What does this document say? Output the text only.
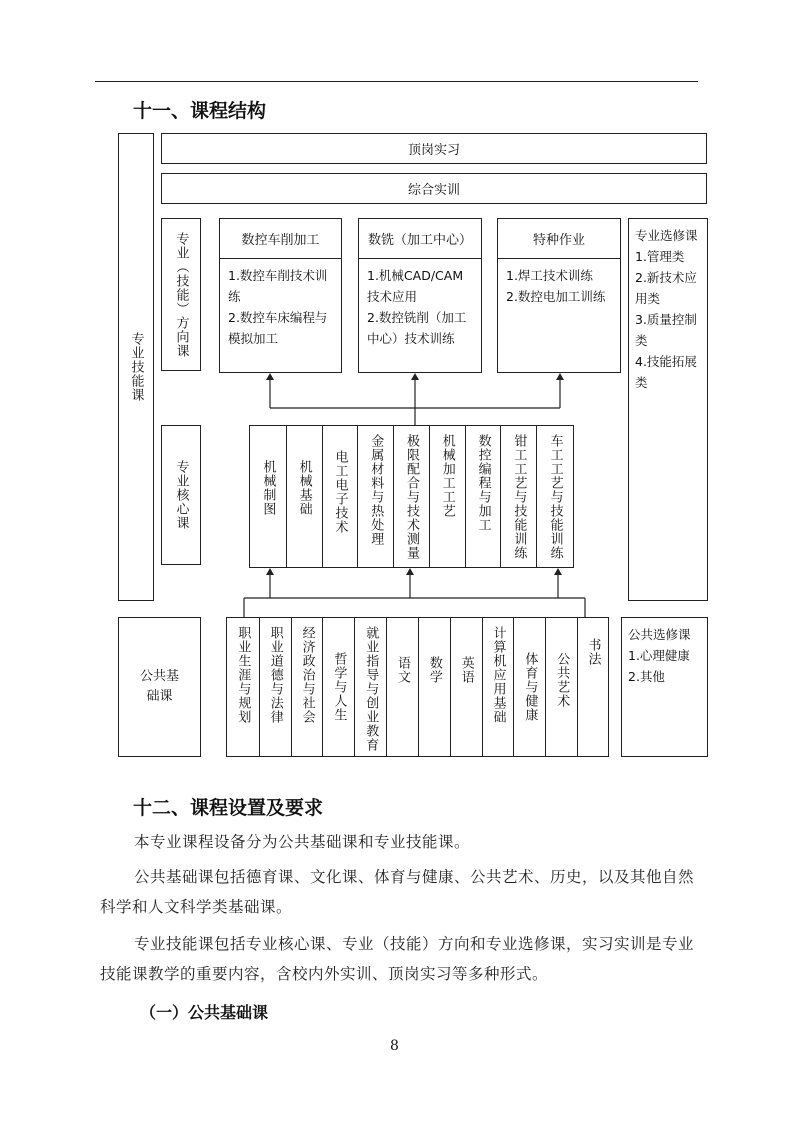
十一、课程结构
专业技能课
顶岗实习
综合实训
专业（技能）方向课	数控车削加工
1.数控车削技术训练
2.数控车床编程与模拟加工
数铣（加工中心）
1.机械CAD/CAM技术应用
2.数控铣削（加工中心）技术训练
特种作业
1.焊工技术训练
2.数控电加工训练
专业选修课
1.管理类
2.新技术应用类
3.质量控制类
4.技能拓展类
专业核心课	机械制图 机械基础 电工电子技术 金属材料与热处理 极限配合与技术测量 机械加工工艺 数控编程与加工 钳工工艺与技能训练 车工工艺与技能训练
公共基础课	职业生涯与规划 职业道德与法律 经济政治与社会 哲学与人生 就业指导与创业教育 语文 数学 英语 计算机应用基础 体育与健康 公共艺术 书法
公共选修课
1.心理健康
2.其他
十二、课程设置及要求
本专业课程设备分为公共基础课和专业技能课。
公共基础课包括德育课、文化课、体育与健康、公共艺术、历史，以及其他自然科学和人文科学类基础课。
专业技能课包括专业核心课、专业（技能）方向和专业选修课，实习实训是专业技能课教学的重要内容，含校内外实训、顶岗实习等多种形式。
（一）公共基础课
8
